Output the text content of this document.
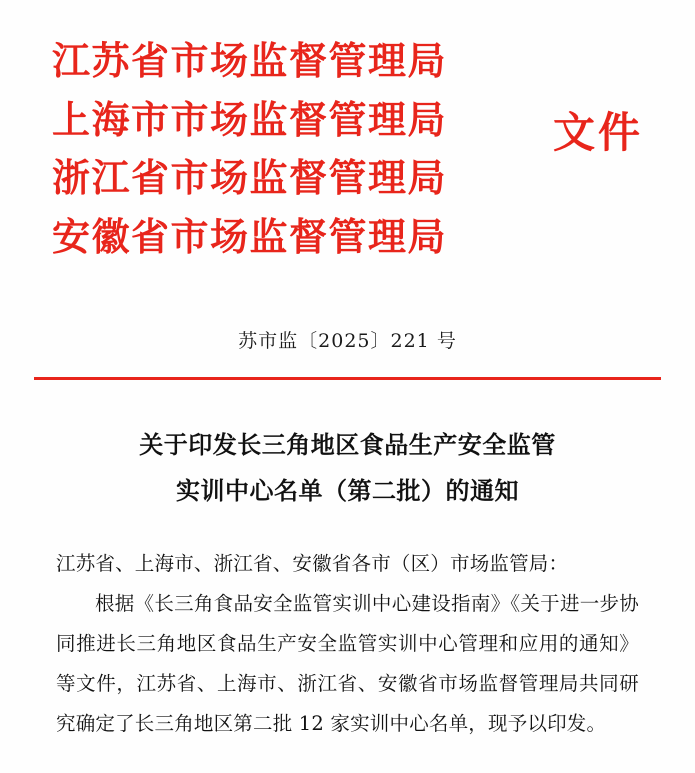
江苏省市场监督管理局
上海市市场监督管理局
浙江省市场监督管理局
安徽省市场监督管理局
文件
苏市监〔2025〕221 号
关于印发长三角地区食品生产安全监管
实训中心名单（第二批）的通知

江苏省、上海市、浙江省、安徽省各市（区）市场监管局：

根据《长三角食品安全监管实训中心建设指南》《关于进一步协同推进长三角地区食品生产安全监管实训中心管理和应用的通知》等文件，江苏省、上海市、浙江省、安徽省市场监督管理局共同研究确定了长三角地区第二批 12 家实训中心名单，现予以印发。
